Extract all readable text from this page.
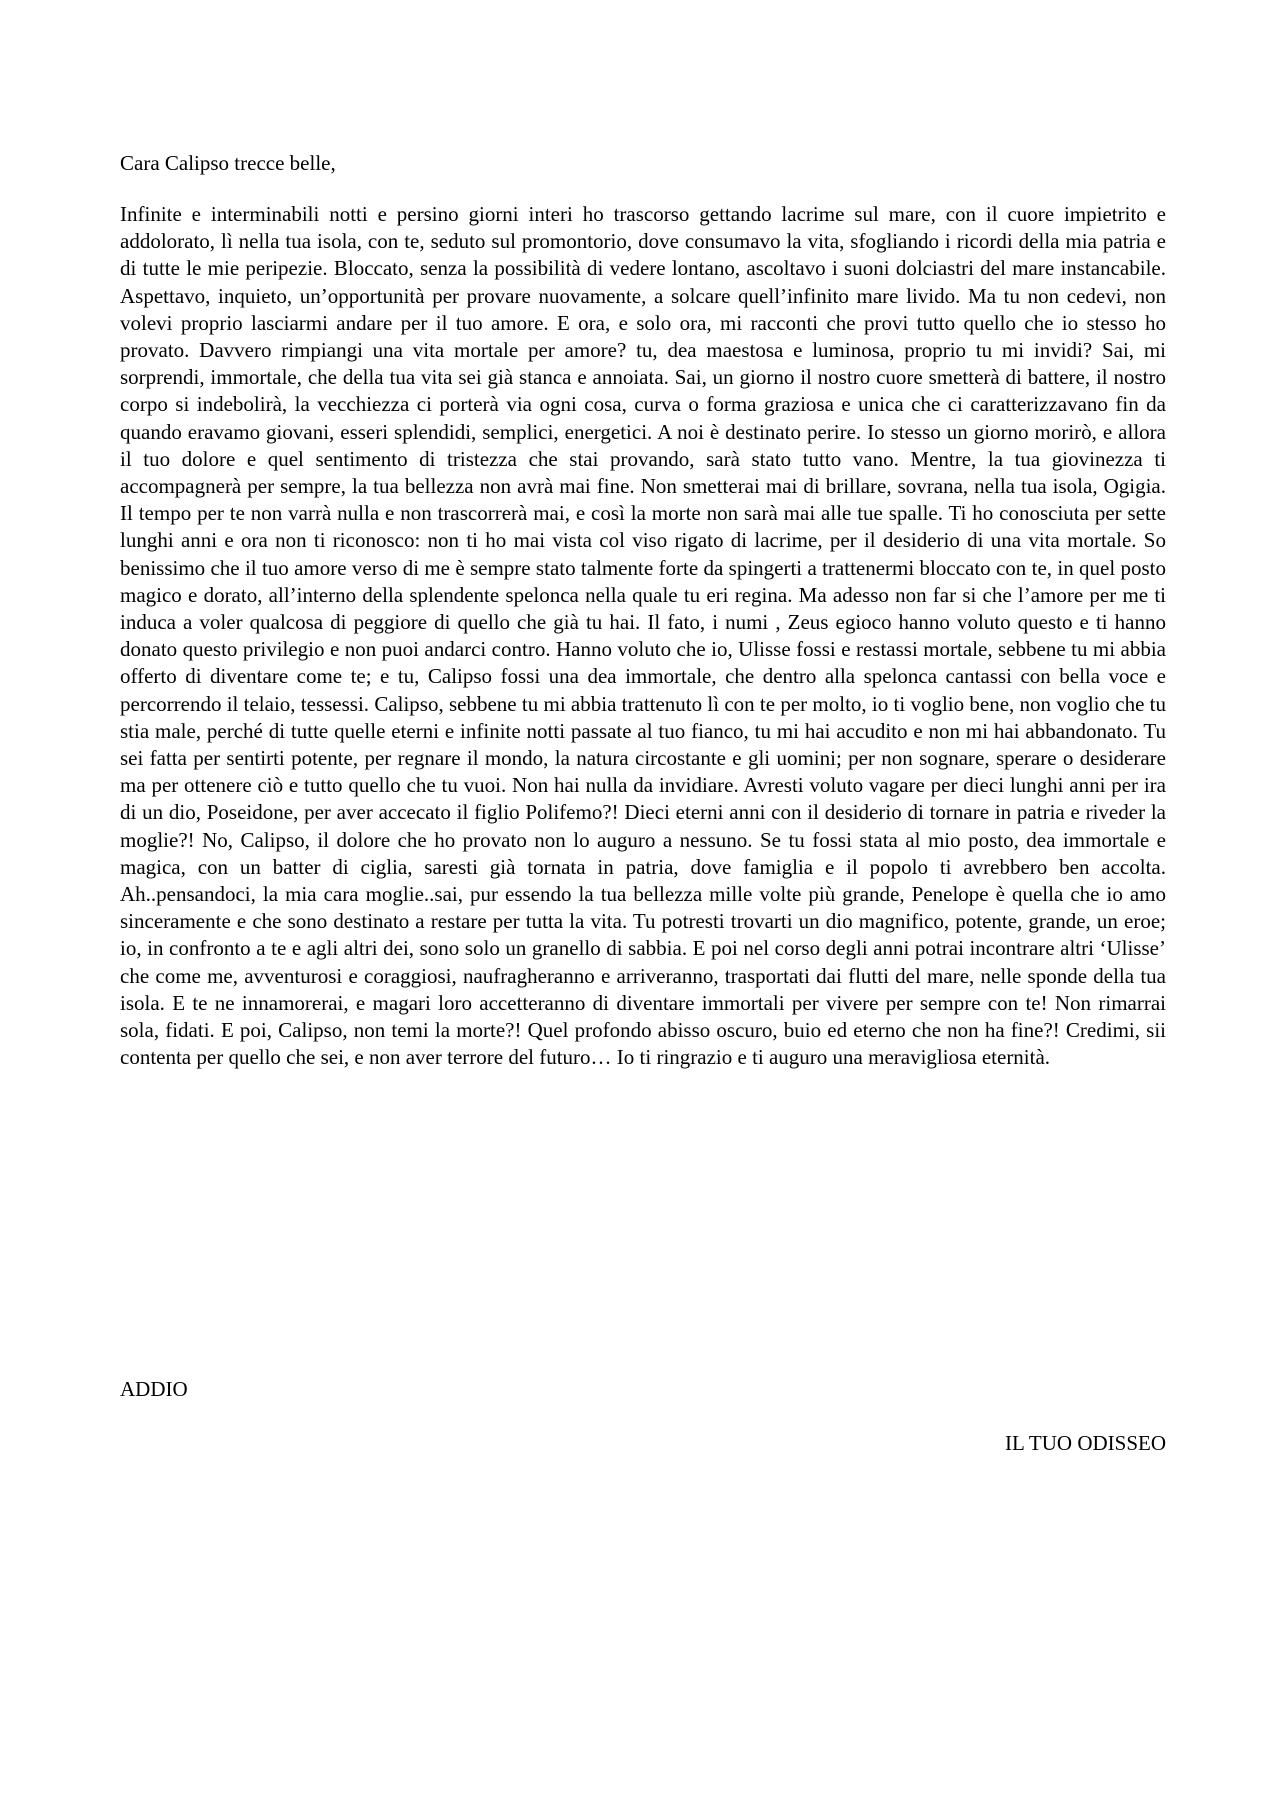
Cara Calipso trecce belle,

Infinite e interminabili notti e persino giorni interi ho trascorso gettando lacrime sul mare, con il cuore impietrito e addolorato, lì nella tua isola, con te, seduto sul promontorio, dove consumavo la vita, sfogliando i ricordi della mia patria e di tutte le mie peripezie. Bloccato, senza la possibilità di vedere lontano, ascoltavo i suoni dolciastri del mare instancabile. Aspettavo, inquieto, un’opportunità per provare nuovamente, a solcare quell’infinito mare livido. Ma tu non cedevi, non volevi proprio lasciarmi andare per il tuo amore. E ora, e solo ora, mi racconti che provi tutto quello che io stesso ho provato. Davvero rimpiangi una vita mortale per amore? tu, dea maestosa e luminosa, proprio tu mi invidi? Sai, mi sorprendi, immortale, che della tua vita sei già stanca e annoiata. Sai, un giorno il nostro cuore smetterà di battere, il nostro corpo si indebolirà, la vecchiezza ci porterà via ogni cosa, curva o forma graziosa e unica che ci caratterizzavano fin da quando eravamo giovani, esseri splendidi, semplici, energetici. A noi è destinato perire. Io stesso un giorno morirò, e allora il tuo dolore e quel sentimento di tristezza che stai provando, sarà stato tutto vano. Mentre, la tua giovinezza ti accompagnerà per sempre, la tua bellezza non avrà mai fine. Non smetterai mai di brillare, sovrana, nella tua isola, Ogigia. Il tempo per te non varrà nulla e non trascorrerà mai, e così la morte non sarà mai alle tue spalle. Ti ho conosciuta per sette lunghi anni e ora non ti riconosco: non ti ho mai vista col viso rigato di lacrime, per il desiderio di una vita mortale. So benissimo che il tuo amore verso di me è sempre stato talmente forte da spingerti a trattenermi bloccato con te, in quel posto magico e dorato, all’interno della splendente spelonca nella quale tu eri regina. Ma adesso non far si che l’amore per me ti induca a voler qualcosa di peggiore di quello che già tu hai. Il fato, i numi , Zeus egioco hanno voluto questo e ti hanno donato questo privilegio e non puoi andarci contro. Hanno voluto che io, Ulisse fossi e restassi mortale, sebbene tu mi abbia offerto di diventare come te; e tu, Calipso fossi una dea immortale, che dentro alla spelonca cantassi con bella voce e percorrendo il telaio, tessessi. Calipso, sebbene tu mi abbia trattenuto lì con te per molto, io ti voglio bene, non voglio che tu stia male, perché di tutte quelle eterni e infinite notti passate al tuo fianco, tu mi hai accudito e non mi hai abbandonato. Tu sei fatta per sentirti potente, per regnare il mondo, la natura circostante e gli uomini; per non sognare, sperare o desiderare ma per ottenere ciò e tutto quello che tu vuoi. Non hai nulla da invidiare. Avresti voluto vagare per dieci lunghi anni per ira di un dio, Poseidone, per aver accecato il figlio Polifemo?! Dieci eterni anni con il desiderio di tornare in patria e riveder la moglie?! No, Calipso, il dolore che ho provato non lo auguro a nessuno. Se tu fossi stata al mio posto, dea immortale e magica, con un batter di ciglia, saresti già tornata in patria, dove famiglia e il popolo ti avrebbero ben accolta. Ah..pensandoci, la mia cara moglie..sai, pur essendo la tua bellezza mille volte più grande, Penelope è quella che io amo sinceramente e che sono destinato a restare per tutta la vita. Tu potresti trovarti un dio magnifico, potente, grande, un eroe; io, in confronto a te e agli altri dei, sono solo un granello di sabbia. E poi nel corso degli anni potrai incontrare altri ‘Ulisse’ che come me, avventurosi e coraggiosi, naufragheranno e arriveranno, trasportati dai flutti del mare, nelle sponde della tua isola. E te ne innamorerai, e magari loro accetteranno di diventare immortali per vivere per sempre con te! Non rimarrai sola, fidati. E poi, Calipso, non temi la morte?! Quel profondo abisso oscuro, buio ed eterno che non ha fine?! Credimi, sii contenta per quello che sei, e non aver terrore del futuro… Io ti ringrazio e ti auguro una meravigliosa eternità.

ADDIO
IL TUO ODISSEO
